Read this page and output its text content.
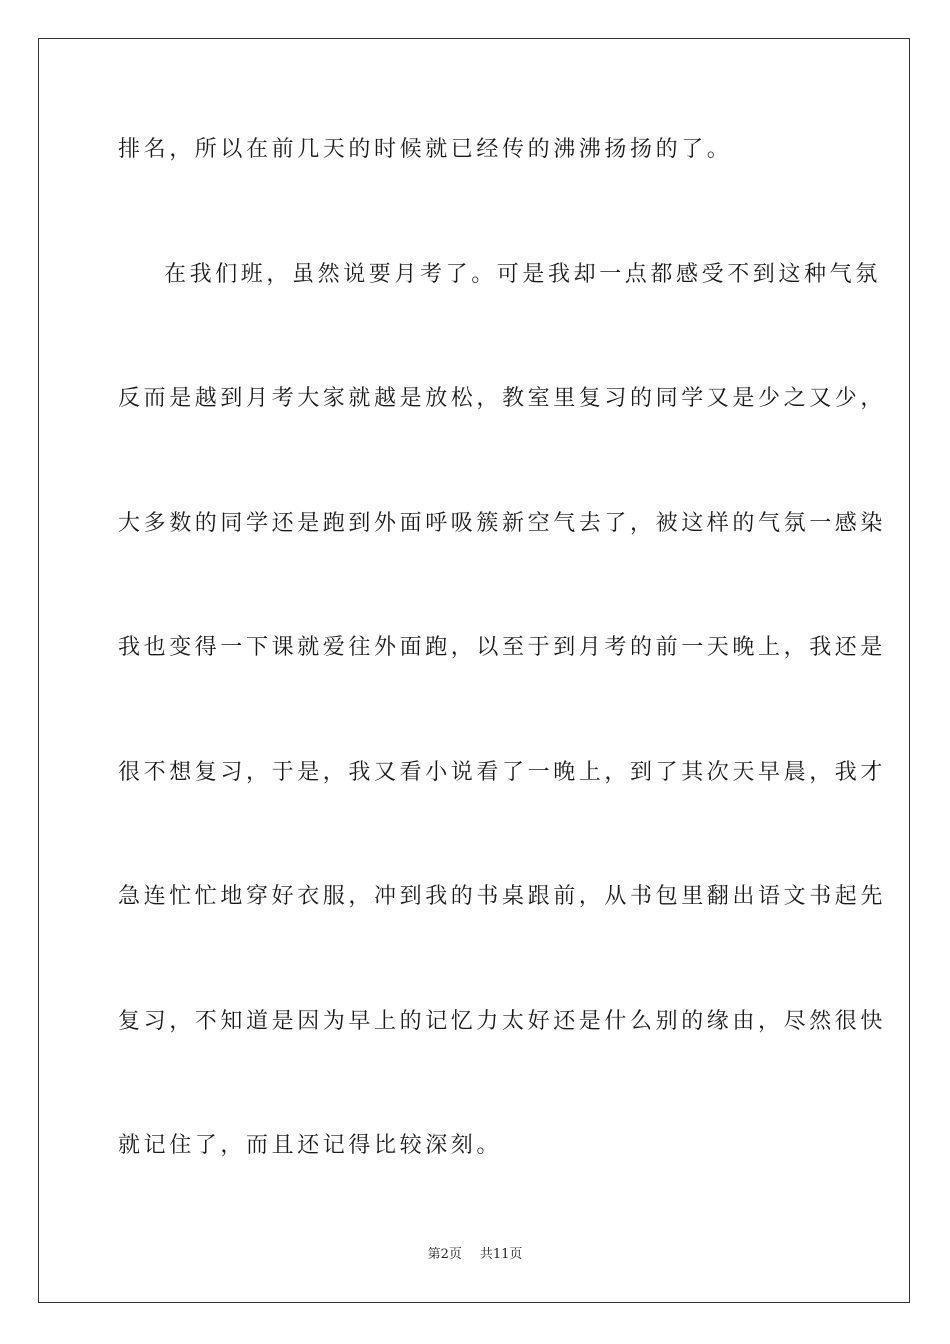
排名，所以在前几天的时候就已经传的沸沸扬扬的了。
在我们班，虽然说要月考了。可是我却一点都感受不到这种气氛
反而是越到月考大家就越是放松，教室里复习的同学又是少之又少，
大多数的同学还是跑到外面呼吸簇新空气去了，被这样的气氛一感染
我也变得一下课就爱往外面跑，以至于到月考的前一天晚上，我还是
很不想复习，于是，我又看小说看了一晚上，到了其次天早晨，我才
急连忙忙地穿好衣服，冲到我的书桌跟前，从书包里翻出语文书起先
复习，不知道是因为早上的记忆力太好还是什么别的缘由，尽然很快
就记住了，而且还记得比较深刻。
第2页 共11页
